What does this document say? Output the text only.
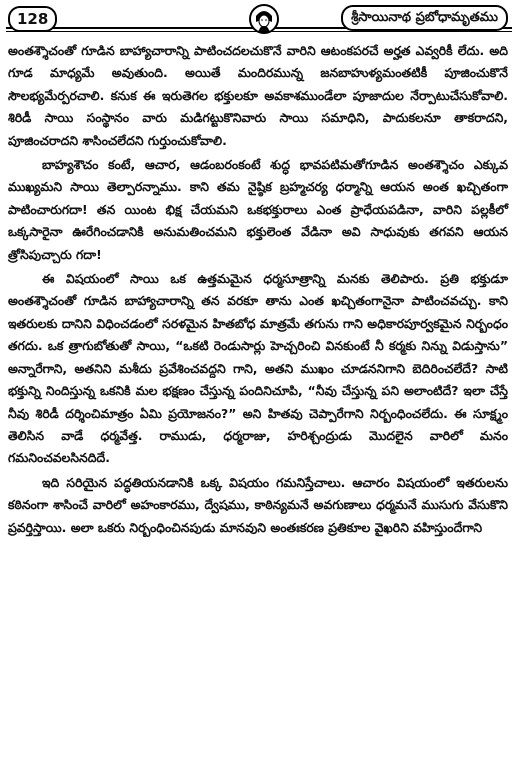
128	శ్రీసాయినాథ ప్రబోధామృతము

అంతశ్శౌచంతో గూడిన బాహ్యాచారాన్ని పాటించదలచుకొనే వారిని ఆటంకపరచే అర్హత ఎవ్వరికీ లేదు. అది గూడ మాధ్యమే అవుతుంది. అయితే మందిరమున్న జనబాహుళ్యమంతటికీ పూజించుకొనే సౌలభ్యమేర్పరచాలి. కనుక ఈ ఇరుతెగల భక్తులకూ అవకాశముండేలా పూజాదుల నేర్పాటుచేసుకోవాలి. శిరిడీ సాయి సంస్థానం వారు మడిగట్టుకొనివారు సాయి సమాధిని, పాదుకలనూ తాకరాదని, పూజించరాదని శాసించలేదని గుర్తుంచుకోవాలి.

బాహ్యశౌచం కంటే, ఆచార, ఆడంబరంకంటే శుద్ధ భావపటిమతోగూడిన అంతశ్శౌచం ఎక్కువ ముఖ్యమని సాయి తెల్పారన్నాము. కాని తమ నైష్ఠిక బ్రహ్మచర్య ధర్మాన్ని ఆయన అంత ఖచ్చితంగా పాటించారుగదా! తన యింట భిక్ష చేయమని ఒకభక్తురాలు ఎంత ప్రాధేయపడినా, వారిని పల్లకీలో ఒక్కసారైనా ఊరేగించడానికి అనుమతించమని భక్తులెంత వేడినా అవి సాధువుకు తగవని ఆయన త్రోసిపుచ్చారు గదా!

ఈ విషయంలో సాయి ఒక ఉత్తమమైన ధర్మసూత్రాన్ని మనకు తెలిపారు. ప్రతి భక్తుడూ అంతశ్శౌచంతో గూడిన బాహ్యాచారాన్ని తన వరకూ తాను ఎంత ఖచ్చితంగానైనా పాటించవచ్చు. కాని ఇతరులకు దానిని విధించడంలో సరళమైన హితబోధ మాత్రమే తగును గాని అధికారపూర్వకమైన నిర్బంధం తగదు. ఒక త్రాగుబోతుతో సాయి, “ఒకటి రెండుసార్లు హెచ్చరించి వినకుంటే నీ కర్మకు నిన్ను విడుస్తాను” అన్నారేగాని, అతనిని మశీదు ప్రవేశించవద్దని గాని, అతని ముఖం చూడననిగాని బెదిరించలేదే? సాటి భక్తున్ని నిందిస్తున్న ఒకనికి మల భక్షణం చేస్తున్న పందినిచూపి, “నీవు చేస్తున్న పని అలాంటిదే? ఇలా చేస్తే నీవు శిరిడీ దర్శించిమాత్రం ఏమి ప్రయోజనం?” అని హితవు చెప్పారేగాని నిర్బంధించలేదు. ఈ సూక్ష్మం తెలిసిన వాడే ధర్మవేత్త. రాముడు, ధర్మరాజు, హరిశ్చంద్రుడు మొదలైన వారిలో మనం గమనించవలసినదిదే.

ఇది సరియైన పద్ధతియనడానికి ఒక్క విషయం గమనిస్తేచాలు. ఆచారం విషయంలో ఇతరులను కఠినంగా శాసించే వారిలో అహంకారము, ద్వేషము, కాఠిన్యమనే అవగుణాలు ధర్మమనే ముసుగు వేసుకొని ప్రవర్తిస్తాయి. అలా ఒకరు నిర్బంధించినపుడు మానవుని అంతఃకరణ ప్రతికూల వైఖరిని వహిస్తుందేగాని
